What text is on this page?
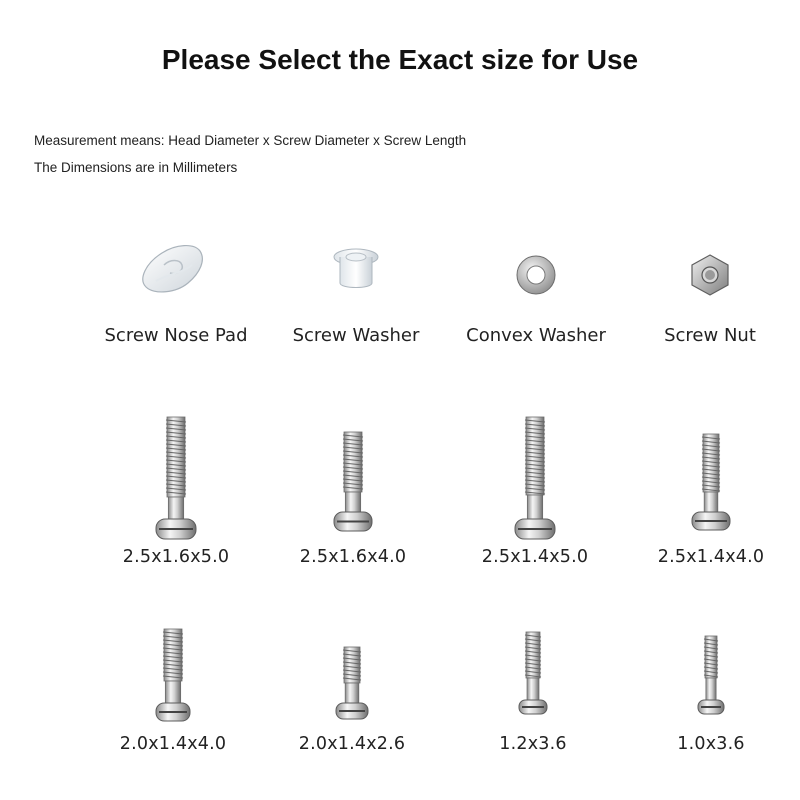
Please Select the Exact size for Use
Measurement means: Head Diameter x Screw Diameter x Screw Length
The Dimensions are in Millimeters
Screw Nose Pad	Screw Washer	Convex Washer	Screw Nut
2.5x1.6x5.0	2.5x1.6x4.0	2.5x1.4x5.0	2.5x1.4x4.0
2.0x1.4x4.0	2.0x1.4x2.6	1.2x3.6	1.0x3.6
